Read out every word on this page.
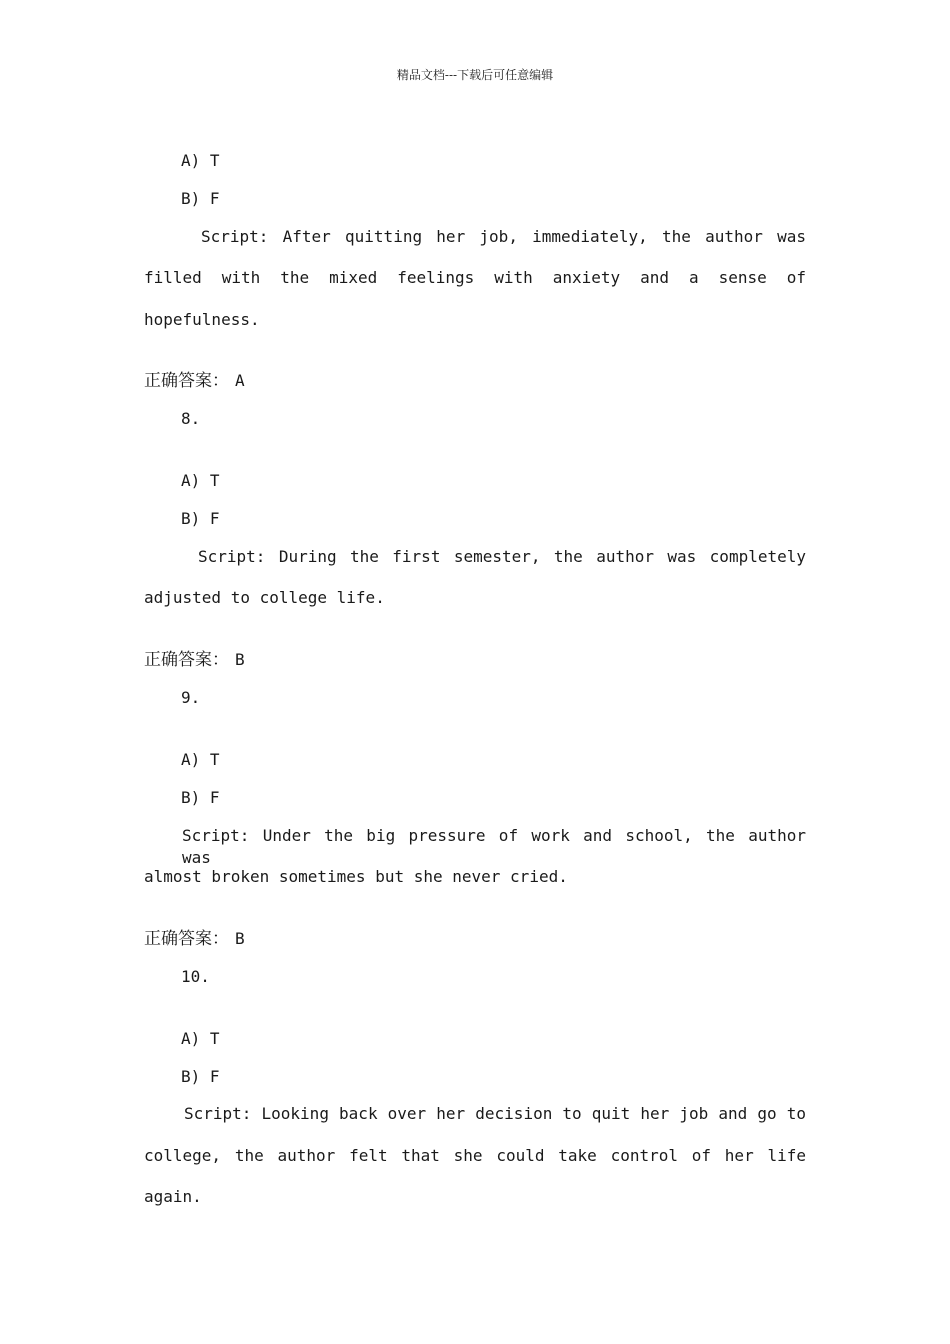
精品文档---下载后可任意编辑
A) T
B) F
Script: After quitting her job, immediately, the author was
filled with the mixed feelings with anxiety and a sense of
hopefulness.
正确答案： A
8.
A) T
B) F
Script: During the first semester, the author was completely
adjusted to college life.
正确答案： B
9.
A) T
B) F
Script: Under the big pressure of work and school, the author was
almost broken sometimes but she never cried.
正确答案： B
10.
A) T
B) F
Script: Looking back over her decision to quit her job and go to
college, the author felt that she could take control of her life
again.
